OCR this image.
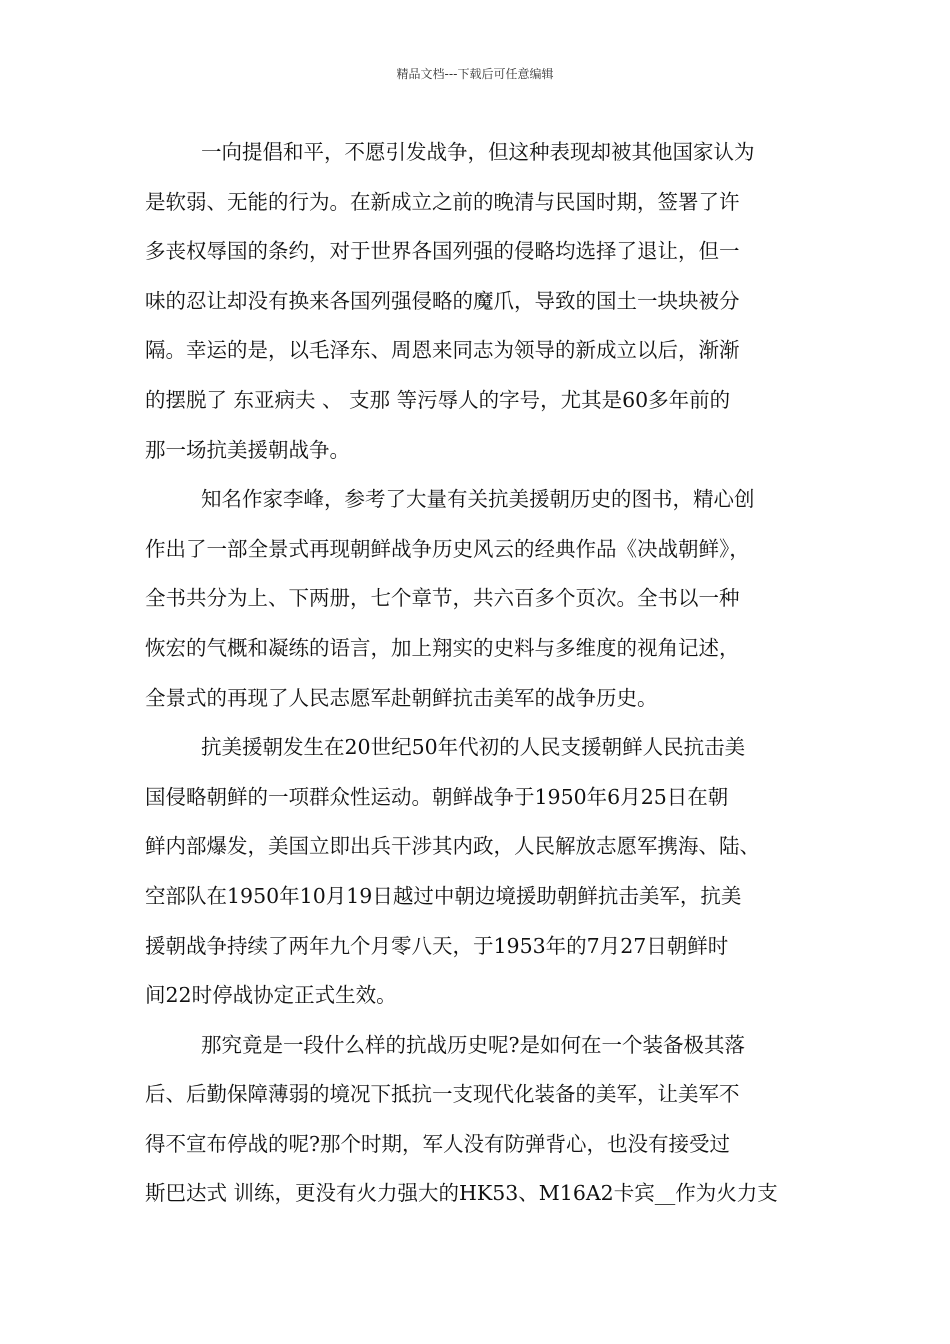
精品文档---下载后可任意编辑
一向提倡和平，不愿引发战争，但这种表现却被其他国家认为
是软弱、无能的行为。在新成立之前的晚清与民国时期，签署了许
多丧权辱国的条约，对于世界各国列强的侵略均选择了退让，但一
味的忍让却没有换来各国列强侵略的魔爪，导致的国土一块块被分
隔。幸运的是，以毛泽东、周恩来同志为领导的新成立以后，渐渐
的摆脱了 东亚病夫 、 支那 等污辱人的字号，尤其是60多年前的
那一场抗美援朝战争。
知名作家李峰，参考了大量有关抗美援朝历史的图书，精心创
作出了一部全景式再现朝鲜战争历史风云的经典作品《决战朝鲜》，
全书共分为上、下两册，七个章节，共六百多个页次。全书以一种
恢宏的气概和凝练的语言，加上翔实的史料与多维度的视角记述，
全景式的再现了人民志愿军赴朝鲜抗击美军的战争历史。
抗美援朝发生在20世纪50年代初的人民支援朝鲜人民抗击美
国侵略朝鲜的一项群众性运动。朝鲜战争于1950年6月25日在朝
鲜内部爆发，美国立即出兵干涉其内政，人民解放志愿军携海、陆、
空部队在1950年10月19日越过中朝边境援助朝鲜抗击美军，抗美
援朝战争持续了两年九个月零八天，于1953年的7月27日朝鲜时
间22时停战协定正式生效。
那究竟是一段什么样的抗战历史呢?是如何在一个装备极其落
后、后勤保障薄弱的境况下抵抗一支现代化装备的美军，让美军不
得不宣布停战的呢?那个时期，军人没有防弹背心，也没有接受过
斯巴达式 训练，更没有火力强大的HK53、M16A2卡宾__作为火力支
